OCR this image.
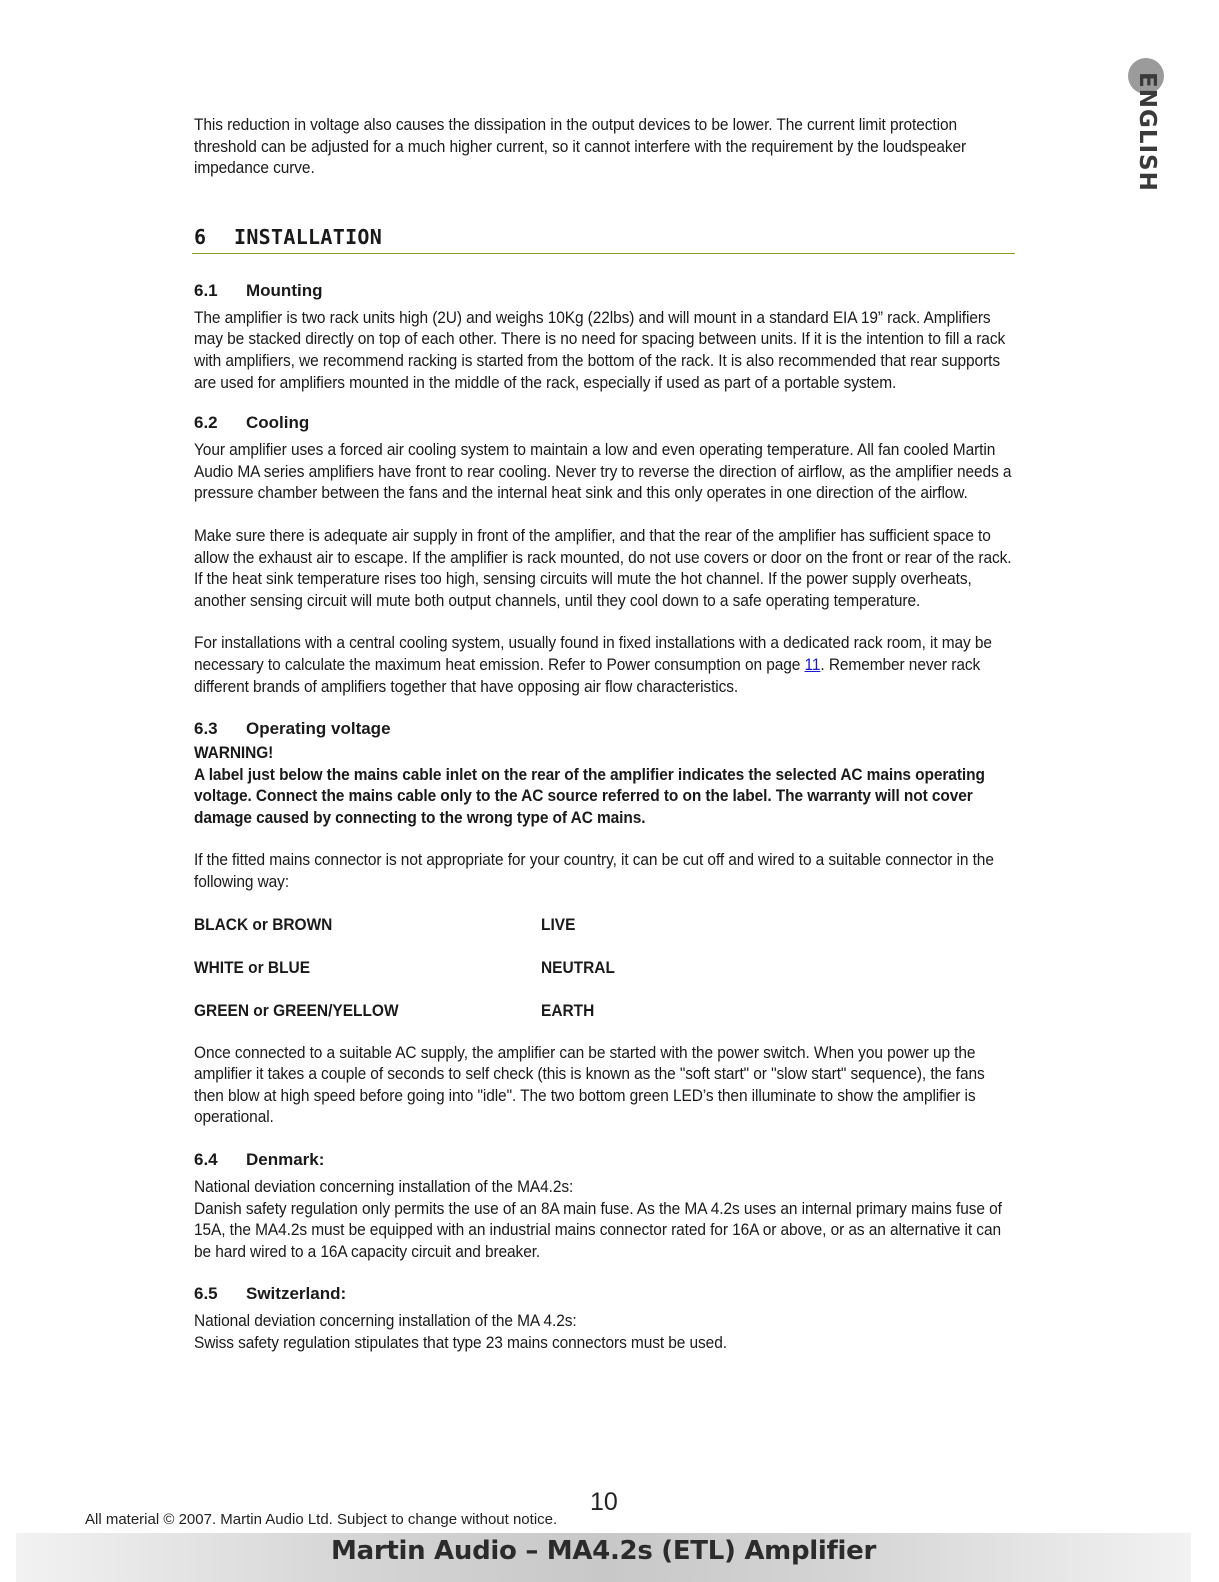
ENGLISH

This reduction in voltage also causes the dissipation in the output devices to be lower. The current limit protection threshold can be adjusted for a much higher current, so it cannot interfere with the requirement by the loudspeaker impedance curve.

6 INSTALLATION

6.1 Mounting

The amplifier is two rack units high (2U) and weighs 10Kg (22lbs) and will mount in a standard EIA 19” rack. Amplifiers may be stacked directly on top of each other. There is no need for spacing between units. If it is the intention to fill a rack with amplifiers, we recommend racking is started from the bottom of the rack. It is also recommended that rear supports are used for amplifiers mounted in the middle of the rack, especially if used as part of a portable system.

6.2 Cooling

Your amplifier uses a forced air cooling system to maintain a low and even operating temperature. All fan cooled Martin Audio MA series amplifiers have front to rear cooling. Never try to reverse the direction of airflow, as the amplifier needs a pressure chamber between the fans and the internal heat sink and this only operates in one direction of the airflow.

Make sure there is adequate air supply in front of the amplifier, and that the rear of the amplifier has sufficient space to allow the exhaust air to escape. If the amplifier is rack mounted, do not use covers or door on the front or rear of the rack. If the heat sink temperature rises too high, sensing circuits will mute the hot channel. If the power supply overheats, another sensing circuit will mute both output channels, until they cool down to a safe operating temperature.

For installations with a central cooling system, usually found in fixed installations with a dedicated rack room, it may be necessary to calculate the maximum heat emission. Refer to Power consumption on page 11. Remember never rack different brands of amplifiers together that have opposing air flow characteristics.

6.3 Operating voltage

WARNING!

A label just below the mains cable inlet on the rear of the amplifier indicates the selected AC mains operating voltage. Connect the mains cable only to the AC source referred to on the label. The warranty will not cover damage caused by connecting to the wrong type of AC mains.

If the fitted mains connector is not appropriate for your country, it can be cut off and wired to a suitable connector in the following way:

BLACK or BROWN	LIVE
WHITE or BLUE	NEUTRAL
GREEN or GREEN/YELLOW	EARTH

Once connected to a suitable AC supply, the amplifier can be started with the power switch. When you power up the amplifier it takes a couple of seconds to self check (this is known as the "soft start" or "slow start" sequence), the fans then blow at high speed before going into "idle". The two bottom green LED’s then illuminate to show the amplifier is operational.

6.4 Denmark:

National deviation concerning installation of the MA4.2s:

Danish safety regulation only permits the use of an 8A main fuse. As the MA 4.2s uses an internal primary mains fuse of 15A, the MA4.2s must be equipped with an industrial mains connector rated for 16A or above, or as an alternative it can be hard wired to a 16A capacity circuit and breaker.

6.5 Switzerland:

National deviation concerning installation of the MA 4.2s:

Swiss safety regulation stipulates that type 23 mains connectors must be used.

10
All material © 2007. Martin Audio Ltd. Subject to change without notice.
Martin Audio – MA4.2s (ETL) Amplifier
